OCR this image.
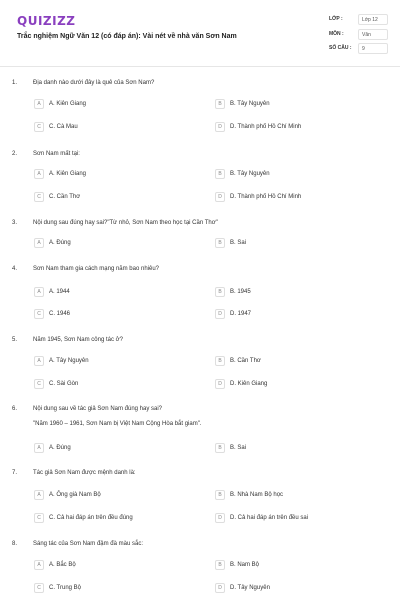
QUIZIZZ
Trắc nghiệm Ngữ Văn 12 (có đáp án): Vài nét về nhà văn Sơn Nam
LỚP :	Lớp 12
MÔN :	Văn
SỐ CÂU :	9
1.	Địa danh nào dưới đây là quê của Sơn Nam?
A	A. Kiên Giang	B	B. Tây Nguyên
C	C. Cà Mau	D	D. Thành phố Hồ Chí Minh
2.	Sơn Nam mất tại:
A	A. Kiên Giang	B	B. Tây Nguyên
C	C. Cần Thơ	D	D. Thành phố Hồ Chí Minh
3.	Nội dung sau đúng hay sai?"Từ nhỏ, Sơn Nam theo học tại Cần Thơ"
A	A. Đúng	B	B. Sai
4.	Sơn Nam tham gia cách mạng năm bao nhiêu?
A	A. 1944	B	B. 1945
C	C. 1946	D	D. 1947
5.	Năm 1945, Sơn Nam công tác ở?
A	A. Tây Nguyên	B	B. Cần Thơ
C	C. Sài Gòn	D	D. Kiên Giang
6.	Nội dung sau về tác giả Sơn Nam đúng hay sai?
"Năm 1960 – 1961, Sơn Nam bị Việt Nam Cộng Hòa bắt giam".
A	A. Đúng	B	B. Sai
7.	Tác giả Sơn Nam được mệnh danh là:
A	A. Ông già Nam Bộ	B	B. Nhà Nam Bộ học
C	C. Cả hai đáp án trên đều đúng	D	D. Cả hai đáp án trên đều sai
8.	Sáng tác của Sơn Nam đậm đà màu sắc:
A	A. Bắc Bộ	B	B. Nam Bộ
C	C. Trung Bộ	D	D. Tây Nguyên
